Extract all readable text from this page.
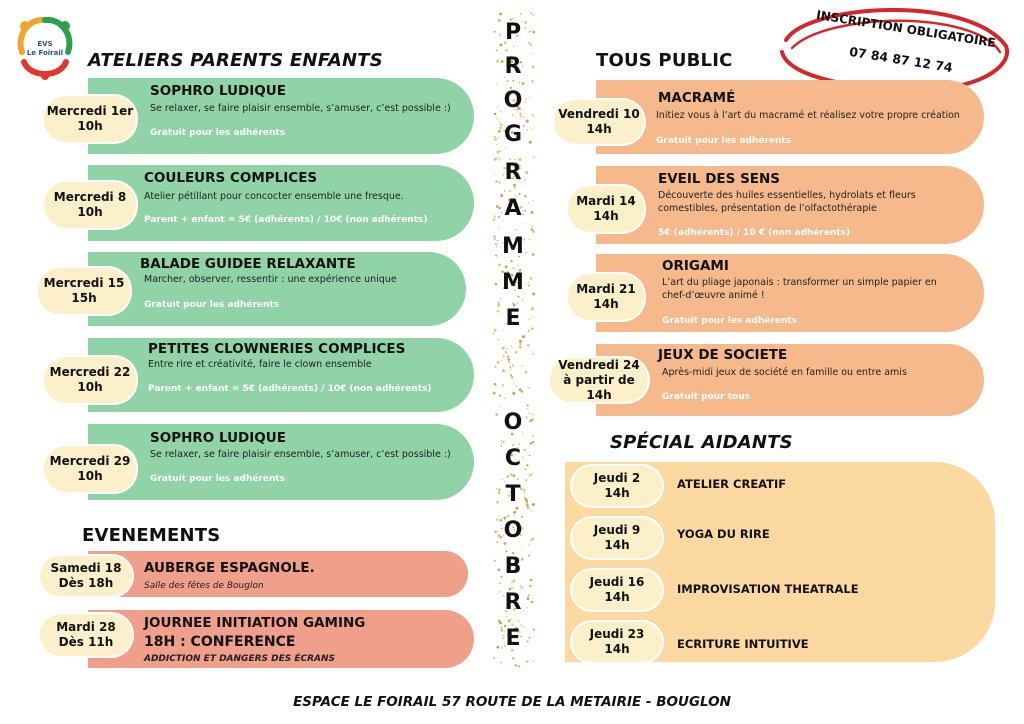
EVS
Le Foirail	ATELIERS PARENTS ENFANTS
SOPHRO LUDIQUE
Se relaxer, se faire plaisir ensemble, s’amuser, c’est possible :)
Gratuit pour les adhérents
Mercredi 1er
10h
COULEURS COMPLICES
Atelier pétillant pour concocter ensemble une fresque.
Parent + enfant = 5€ (adhérents) / 10€ (non adhérents)
Mercredi 8
10h
BALADE GUIDEE RELAXANTE
Marcher, observer, ressentir : une expérience unique
Gratuit pour les adhérents
Mercredi 15
15h
PETITES CLOWNERIES COMPLICES
Entre rire et créativité, faire le clown ensemble
Parent + enfant = 5€ (adhérents) / 10€ (non adhérents)
Mercredi 22
10h
SOPHRO LUDIQUE
Se relaxer, se faire plaisir ensemble, s’amuser, c’est possible :)
Gratuit pour les adhérents
Mercredi 29
10h
EVENEMENTS
AUBERGE ESPAGNOLE.
Salle des fêtes de Bouglon
Samedi 18
Dès 18h
JOURNEE INITIATION GAMING
18H : CONFERENCE
ADDICTION ET DANGERS DES ÉCRANS
Mardi 28
Dès 11h
P
R
O
G
R
A
M
M
E
O
C
T
O
B
R
E
INSCRIPTION OBLIGATOIRE
07 84 87 12 74
TOUS PUBLIC
MACRAMÉ
Initiez vous à l’art du macramé et réalisez votre propre création
Gratuit pour les adhérents
Vendredi 10
14h
EVEIL DES SENS
Découverte des huiles essentielles, hydrolats et fleurs comestibles, présentation de l’olfactothérapie
5€ (adhérents) / 10 € (non adhérents)
Mardi 14
14h
ORIGAMI
L’art du pliage japonais : transformer un simple papier en chef-d’œuvre animé !
Gratuit pour les adhérents
Mardi 21
14h
JEUX DE SOCIETE
Après-midi jeux de société en famille ou entre amis
Gratuit pour tous
Vendredi 24
à partir de 14h
SPÉCIAL AIDANTS
Jeudi 2
14h
ATELIER CREATIF
Jeudi 9
14h
YOGA DU RIRE
Jeudi 16
14h
IMPROVISATION THEATRALE
Jeudi 23
14h	ECRITURE INTUITIVE
ESPACE LE FOIRAIL 57 ROUTE DE LA METAIRIE - BOUGLON
